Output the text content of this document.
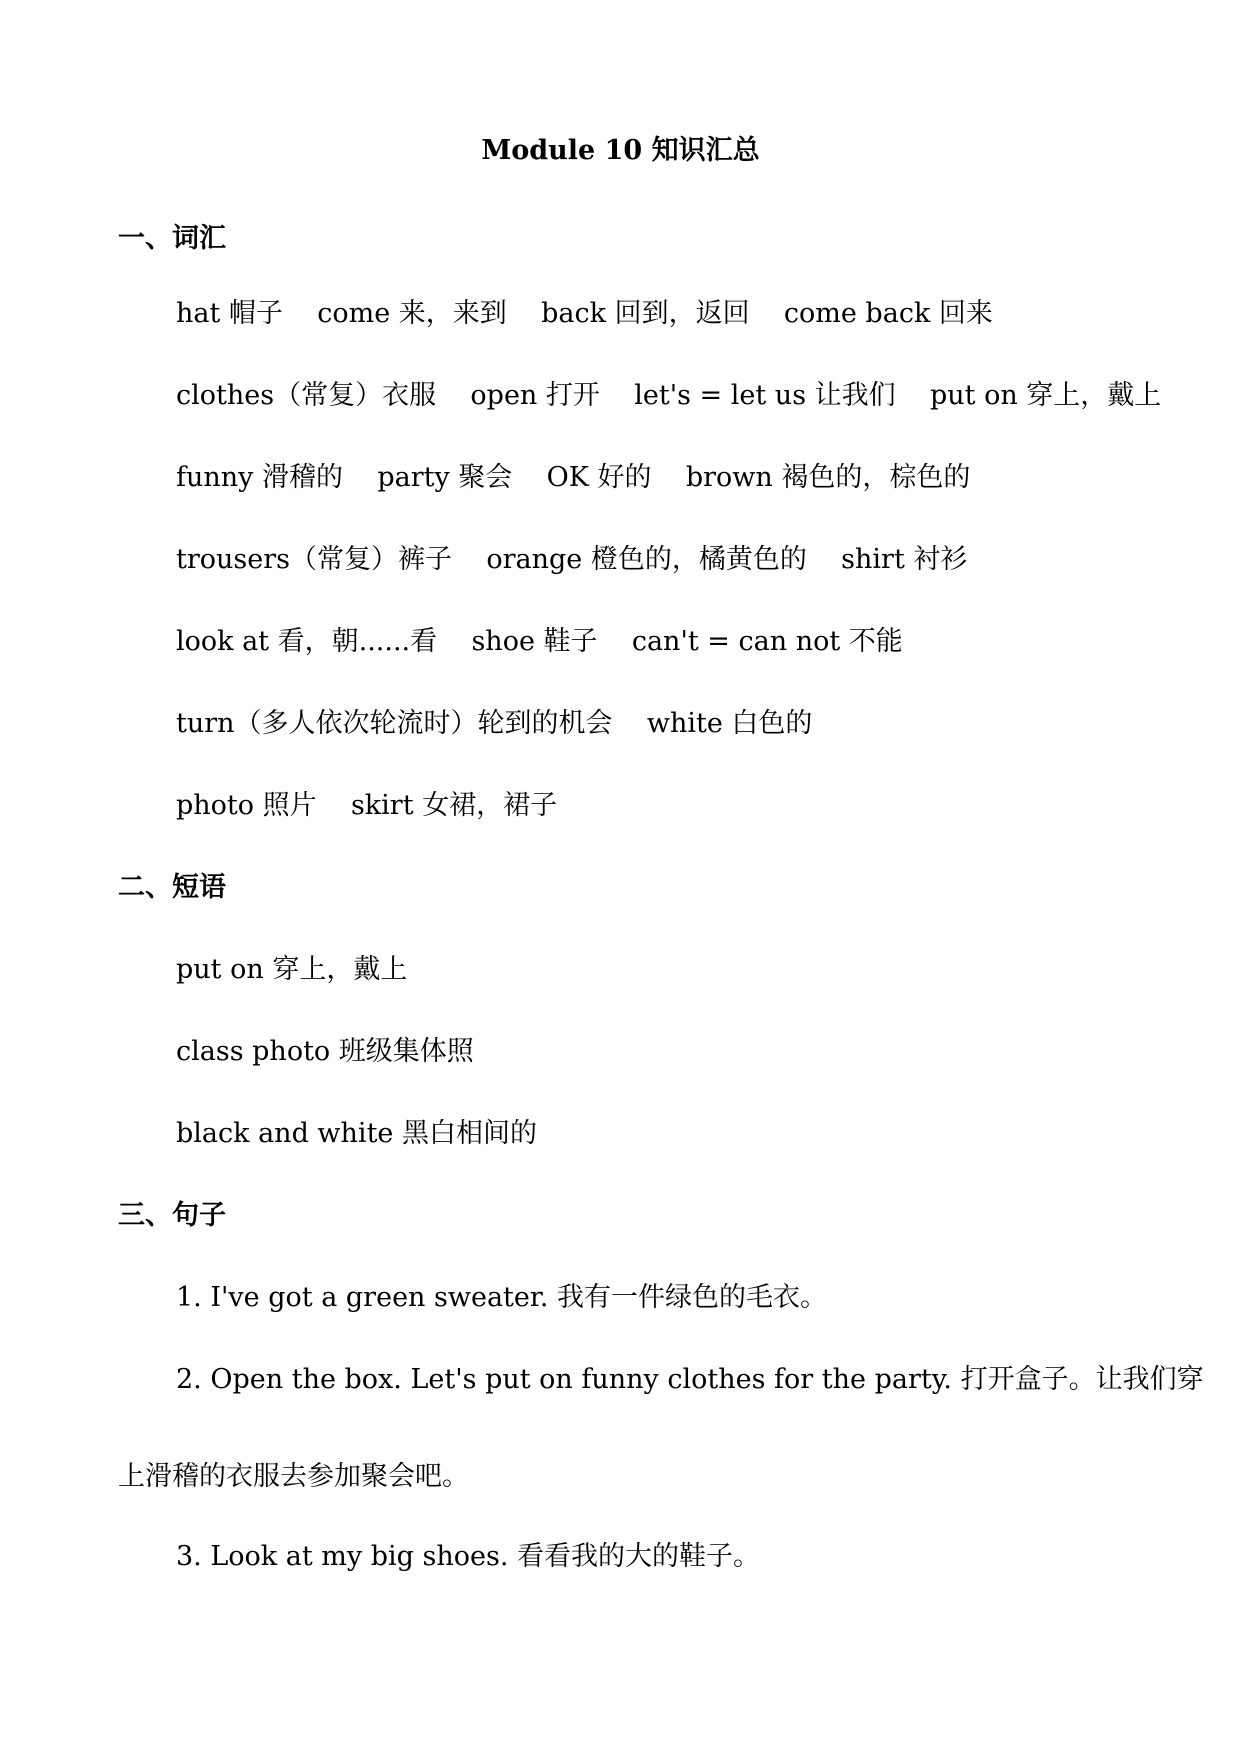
Module 10 知识汇总
一、词汇
hat 帽子    come 来，来到    back 回到，返回    come back 回来
clothes（常复）衣服    open 打开    let's = let us 让我们    put on 穿上，戴上
funny 滑稽的    party 聚会    OK 好的    brown 褐色的，棕色的
trousers（常复）裤子    orange 橙色的，橘黄色的    shirt 衬衫
look at 看，朝......看    shoe 鞋子    can't = can not 不能
turn（多人依次轮流时）轮到的机会    white 白色的
photo 照片    skirt 女裙，裙子
二、短语
put on 穿上，戴上
class photo 班级集体照
black and white 黑白相间的
三、句子
1. I've got a green sweater. 我有一件绿色的毛衣。
2. Open the box. Let's put on funny clothes for the party. 打开盒子。让我们穿
上滑稽的衣服去参加聚会吧。
3. Look at my big shoes. 看看我的大的鞋子。
